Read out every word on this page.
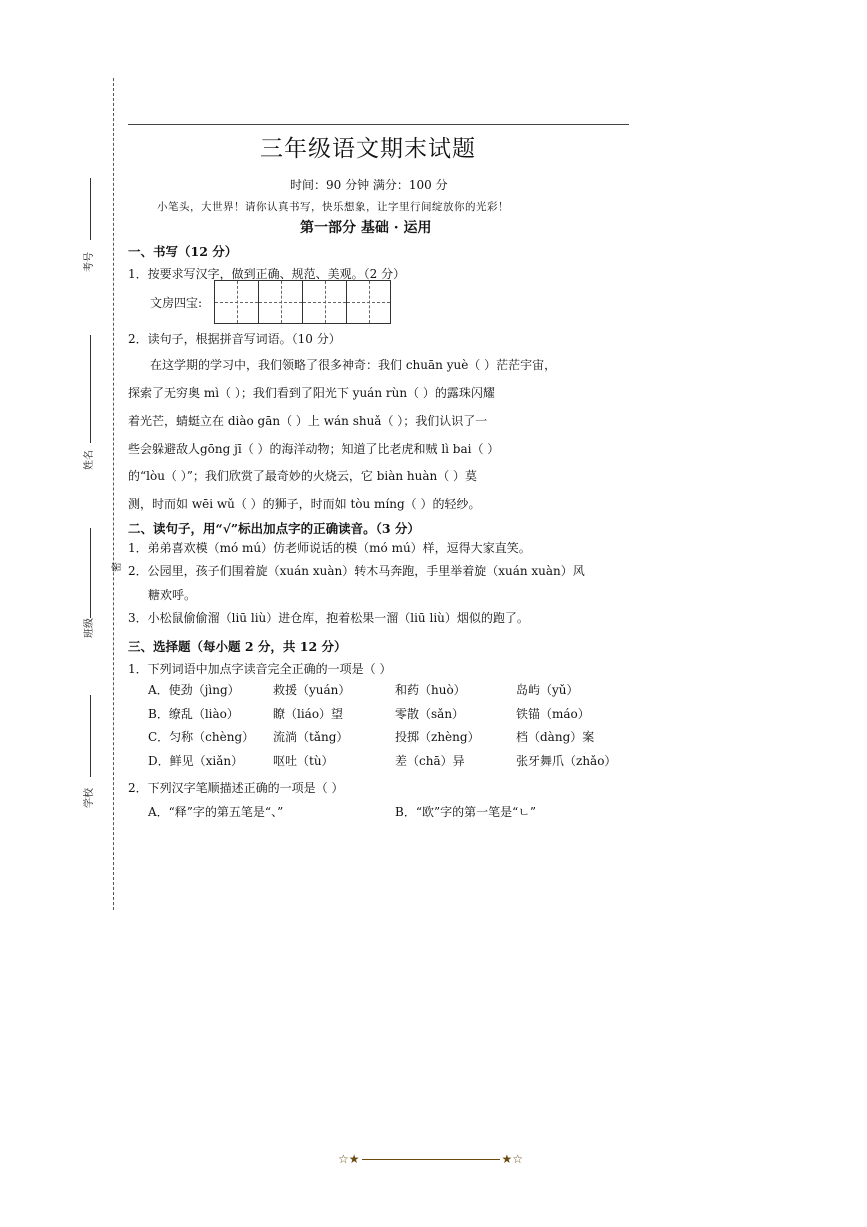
考号
姓名
密
班级
学校
三年级语文期末试题
时间：90 分钟 满分：100 分
小笔头，大世界！请你认真书写，快乐想象，让字里行间绽放你的光彩！
第一部分 基础 · 运用
一、书写（12 分）
1．按要求写汉字，做到正确、规范、美观。（2 分）
文房四宝:
2．读句子，根据拼音写词语。（10 分）
在这学期的学习中，我们领略了很多神奇：我们 chuān yuè（ ）茫茫宇宙，
探索了无穷奥 mì（ ）；我们看到了阳光下 yuán rùn（ ）的露珠闪耀
着光芒，蜻蜓立在 diào gān（ ）上 wán shuǎ（ ）；我们认识了一
些会躲避敌人gōng jī（ ）的海洋动物；知道了比老虎和贼 lì bai（ ）
的“lòu（ ）”；我们欣赏了最奇妙的火烧云，它 biàn huàn（ ）莫
测，时而如 wēi wǔ（ ）的狮子，时而如 tòu míng（ ）的轻纱。
二、读句子，用“√”标出加点字的正确读音。（3 分）
1．弟弟喜欢模（mó mú）仿老师说话的模（mó mú）样，逗得大家直笑。
2．公园里，孩子们围着旋（xuán xuàn）转木马奔跑，手里举着旋（xuán xuàn）风
糖欢呼。
3．小松鼠偷偷溜（liū liù）进仓库，抱着松果一溜（liū liù）烟似的跑了。
三、选择题（每小题 2 分，共 12 分）
1．下列词语中加点字读音完全正确的一项是（ ）
A．使劲（jìng）	救援（yuán）	和药（huò）	岛屿（yǔ）
B．缭乱（liào）	瞭（liáo）望	零散（sǎn）	铁锚（máo）
C．匀称（chèng） 流淌（tǎng）	投掷（zhèng）	档（dàng）案
D．鲜见（xiǎn） 呕吐（tù）	差（chā）异	张牙舞爪（zhǎo）
2．下列汉字笔顺描述正确的一项是（ ）
A．“释”字的第五笔是“、”	B．“欧”字的第一笔是“ㄴ”
☆★	★☆
